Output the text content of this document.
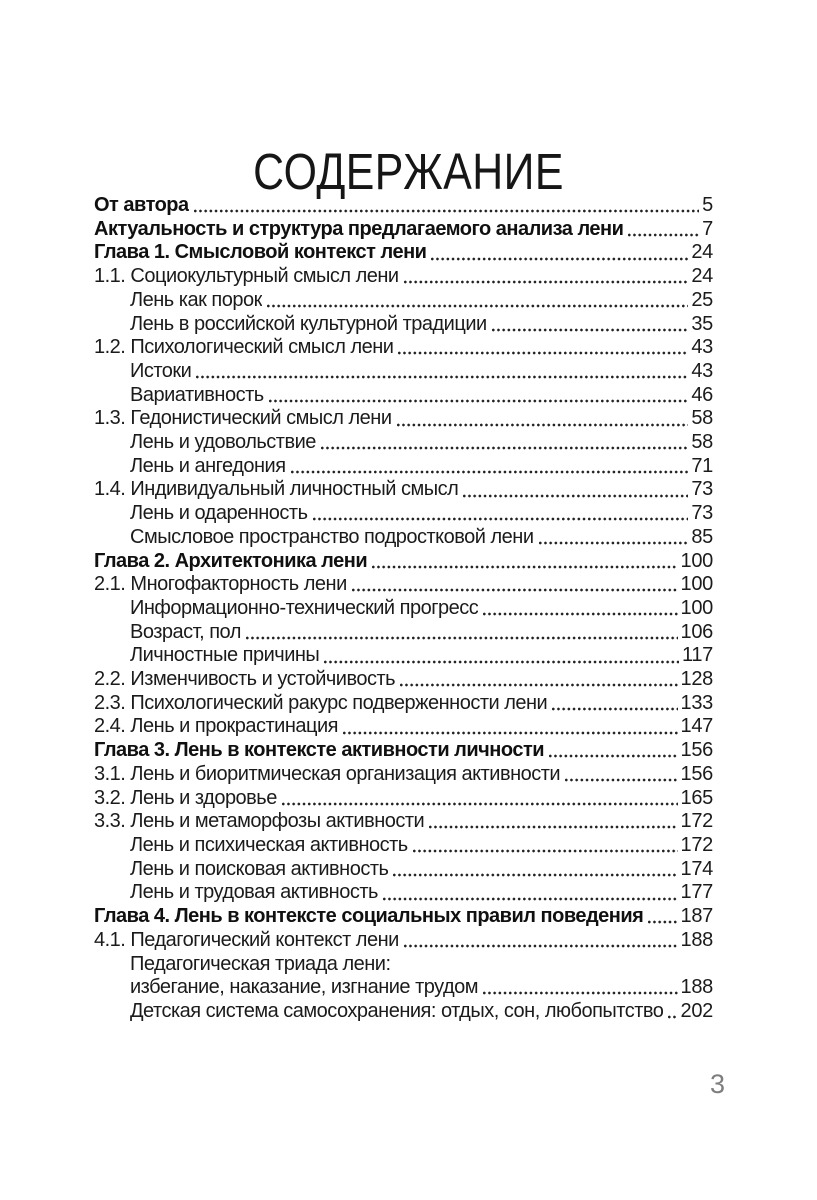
СОДЕРЖАНИЕ
От автора	5
Актуальность и структура предлагаемого анализа лени	7
Глава 1. Смысловой контекст лени	24
1.1. Социокультурный смысл лени	24
Лень как порок	25
Лень в российской культурной традиции	35
1.2. Психологический смысл лени	43
Истоки	43
Вариативность	46
1.3. Гедонистический смысл лени	58
Лень и удовольствие	58
Лень и ангедония	71
1.4. Индивидуальный личностный смысл	73
Лень и одаренность	73
Смысловое пространство подростковой лени	85
Глава 2. Архитектоника лени	100
2.1. Многофакторность лени	100
Информационно-технический прогресс	100
Возраст, пол	106
Личностные причины	117
2.2. Изменчивость и устойчивость	128
2.3. Психологический ракурс подверженности лени	133
2.4. Лень и прокрастинация	147
Глава 3. Лень в контексте активности личности	156
3.1. Лень и биоритмическая организация активности	156
3.2. Лень и здоровье	165
3.3. Лень и метаморфозы активности	172
Лень и психическая активность	172
Лень и поисковая активность	174
Лень и трудовая активность	177
Глава 4. Лень в контексте социальных правил поведения 187
4.1. Педагогический контекст лени	188
Педагогическая триада лени:
избегание, наказание, изгнание трудом	188
Детская система самосохранения: отдых, сон, любопытство 202
3
